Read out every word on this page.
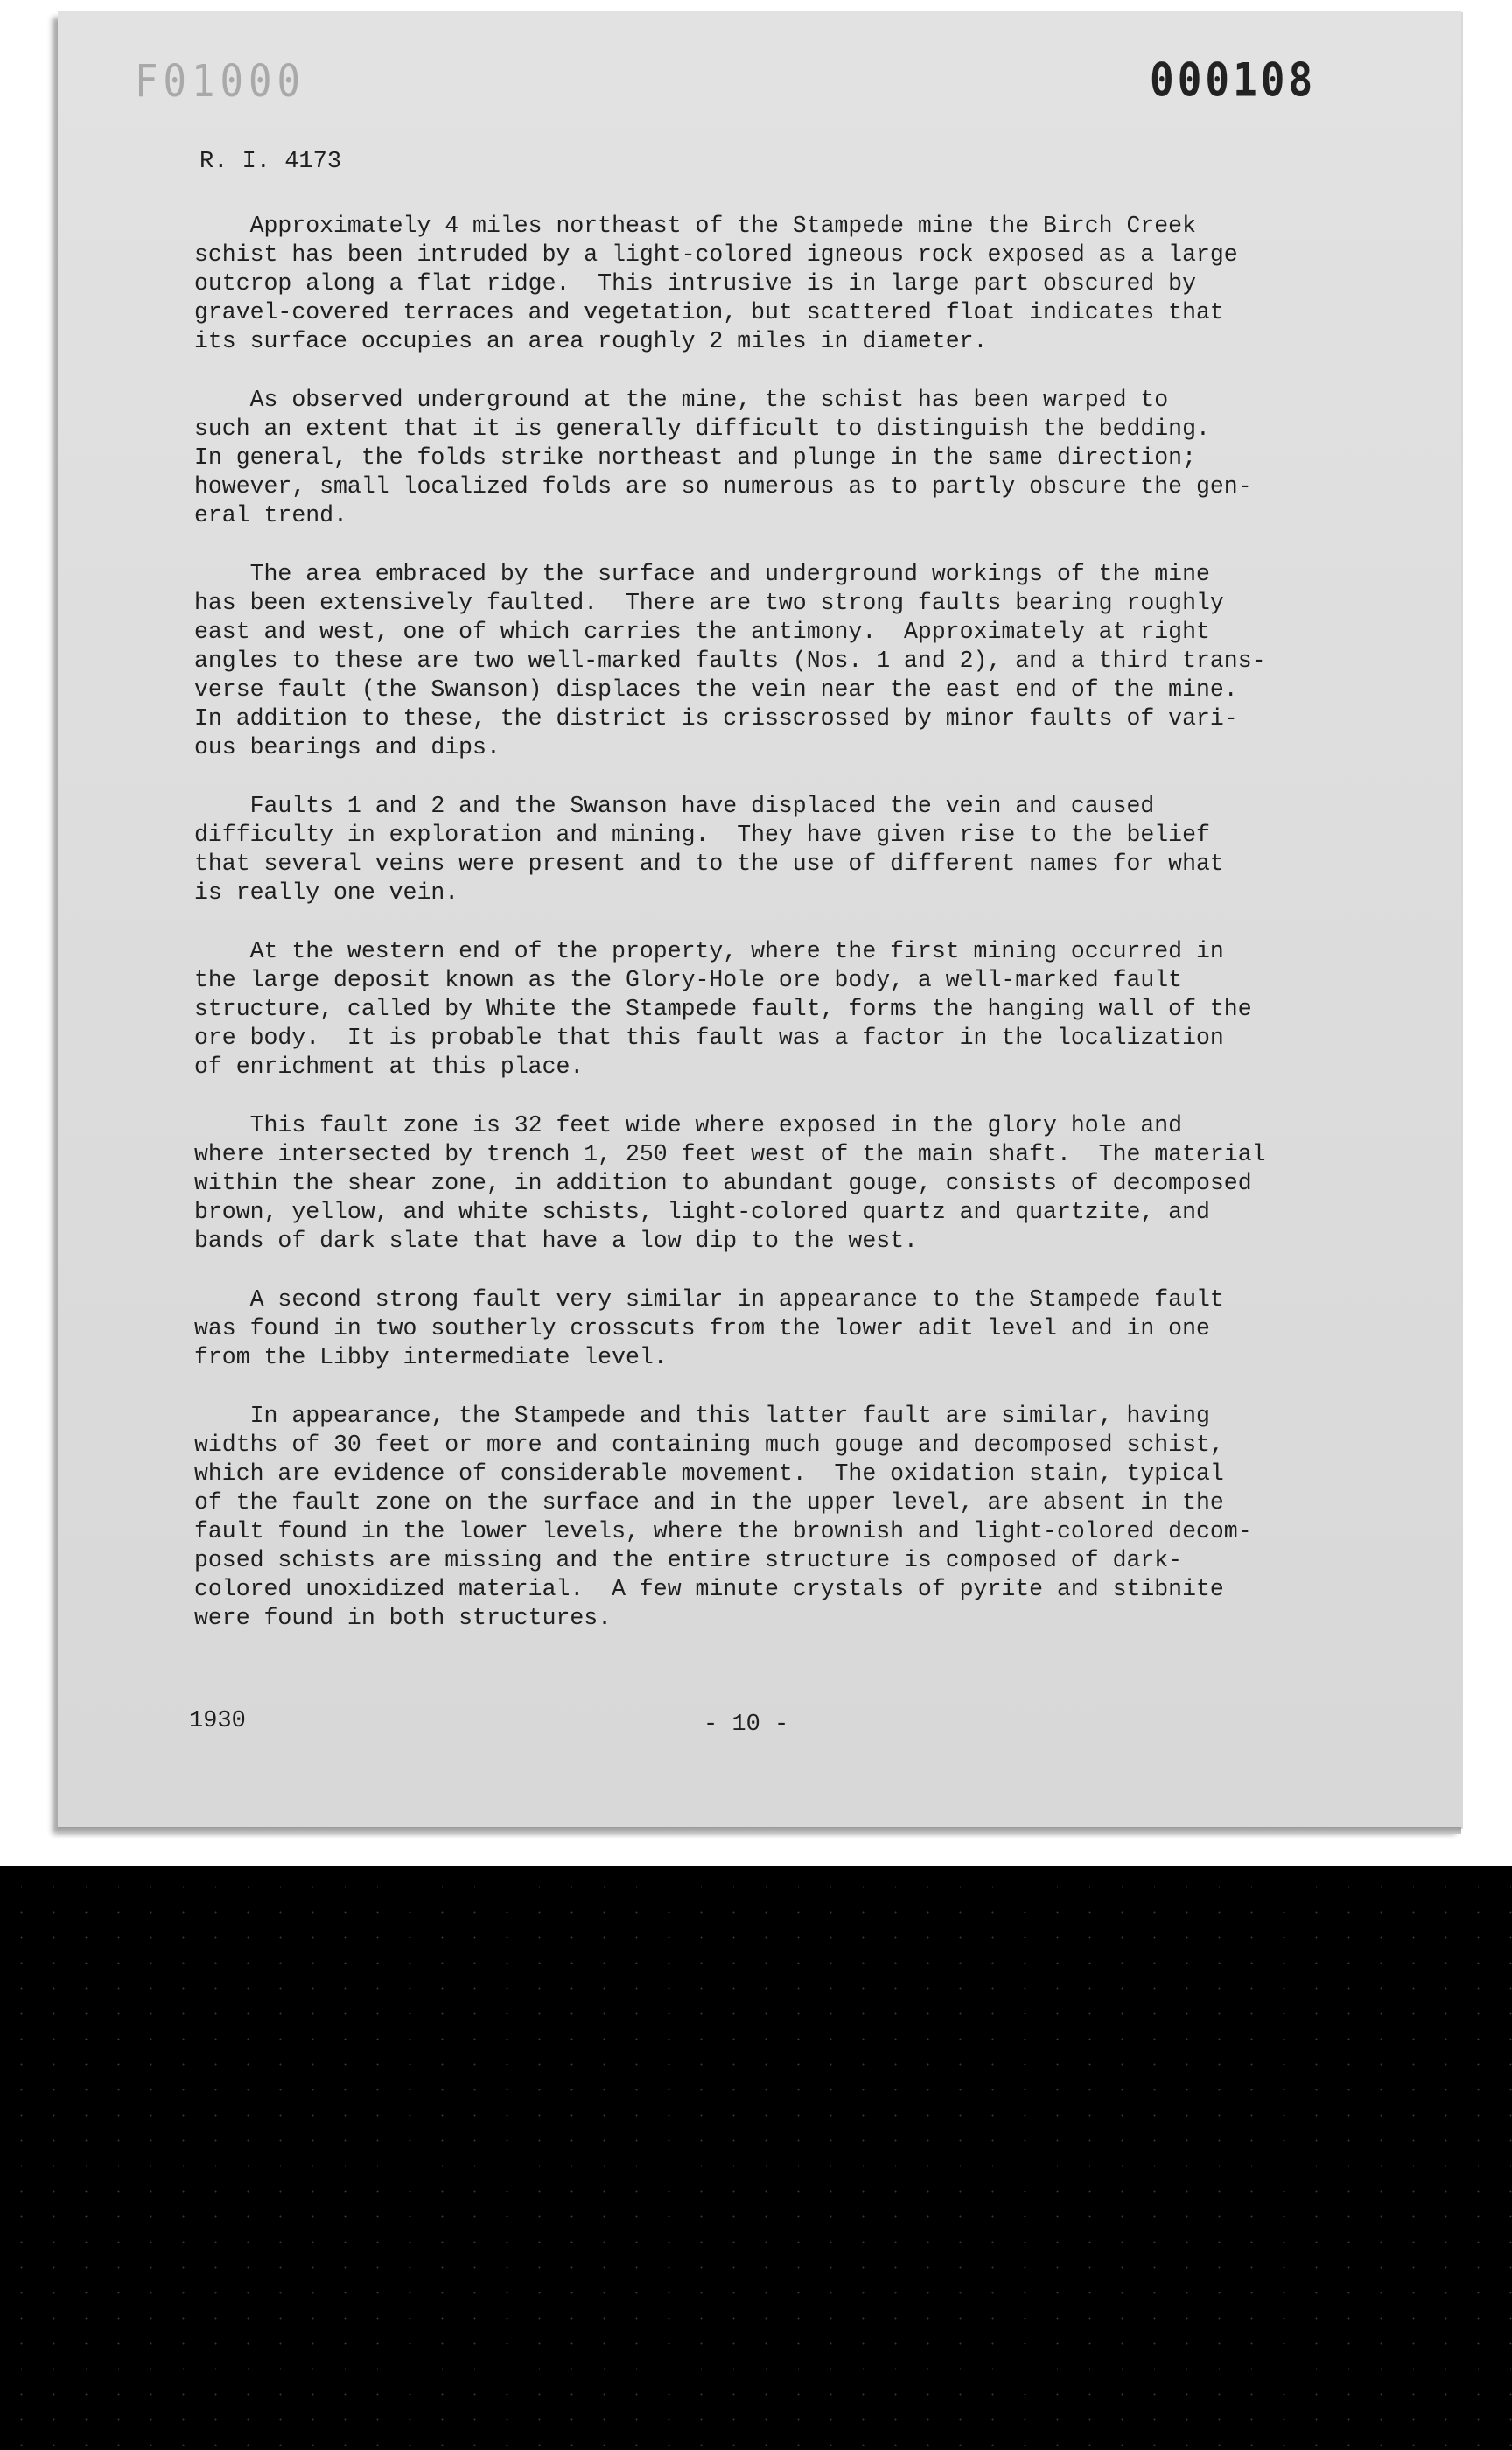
F01000	000108
R. I. 4173

Approximately 4 miles northeast of the Stampede mine the Birch Creek
schist has been intruded by a light-colored igneous rock exposed as a large
outcrop along a flat ridge.  This intrusive is in large part obscured by
gravel-covered terraces and vegetation, but scattered float indicates that
its surface occupies an area roughly 2 miles in diameter.

As observed underground at the mine, the schist has been warped to
such an extent that it is generally difficult to distinguish the bedding.
In general, the folds strike northeast and plunge in the same direction;
however, small localized folds are so numerous as to partly obscure the gen-
eral trend.

The area embraced by the surface and underground workings of the mine
has been extensively faulted.  There are two strong faults bearing roughly
east and west, one of which carries the antimony.  Approximately at right
angles to these are two well-marked faults (Nos. 1 and 2), and a third trans-
verse fault (the Swanson) displaces the vein near the east end of the mine.
In addition to these, the district is crisscrossed by minor faults of vari-
ous bearings and dips.

Faults 1 and 2 and the Swanson have displaced the vein and caused
difficulty in exploration and mining.  They have given rise to the belief
that several veins were present and to the use of different names for what
is really one vein.

At the western end of the property, where the first mining occurred in
the large deposit known as the Glory-Hole ore body, a well-marked fault
structure, called by White the Stampede fault, forms the hanging wall of the
ore body.  It is probable that this fault was a factor in the localization
of enrichment at this place.

This fault zone is 32 feet wide where exposed in the glory hole and
where intersected by trench 1, 250 feet west of the main shaft.  The material
within the shear zone, in addition to abundant gouge, consists of decomposed
brown, yellow, and white schists, light-colored quartz and quartzite, and
bands of dark slate that have a low dip to the west.

A second strong fault very similar in appearance to the Stampede fault
was found in two southerly crosscuts from the lower adit level and in one
from the Libby intermediate level.

In appearance, the Stampede and this latter fault are similar, having
widths of 30 feet or more and containing much gouge and decomposed schist,
which are evidence of considerable movement.  The oxidation stain, typical
of the fault zone on the surface and in the upper level, are absent in the
fault found in the lower levels, where the brownish and light-colored decom-
posed schists are missing and the entire structure is composed of dark-
colored unoxidized material.  A few minute crystals of pyrite and stibnite
were found in both structures.

1930	- 10 -
